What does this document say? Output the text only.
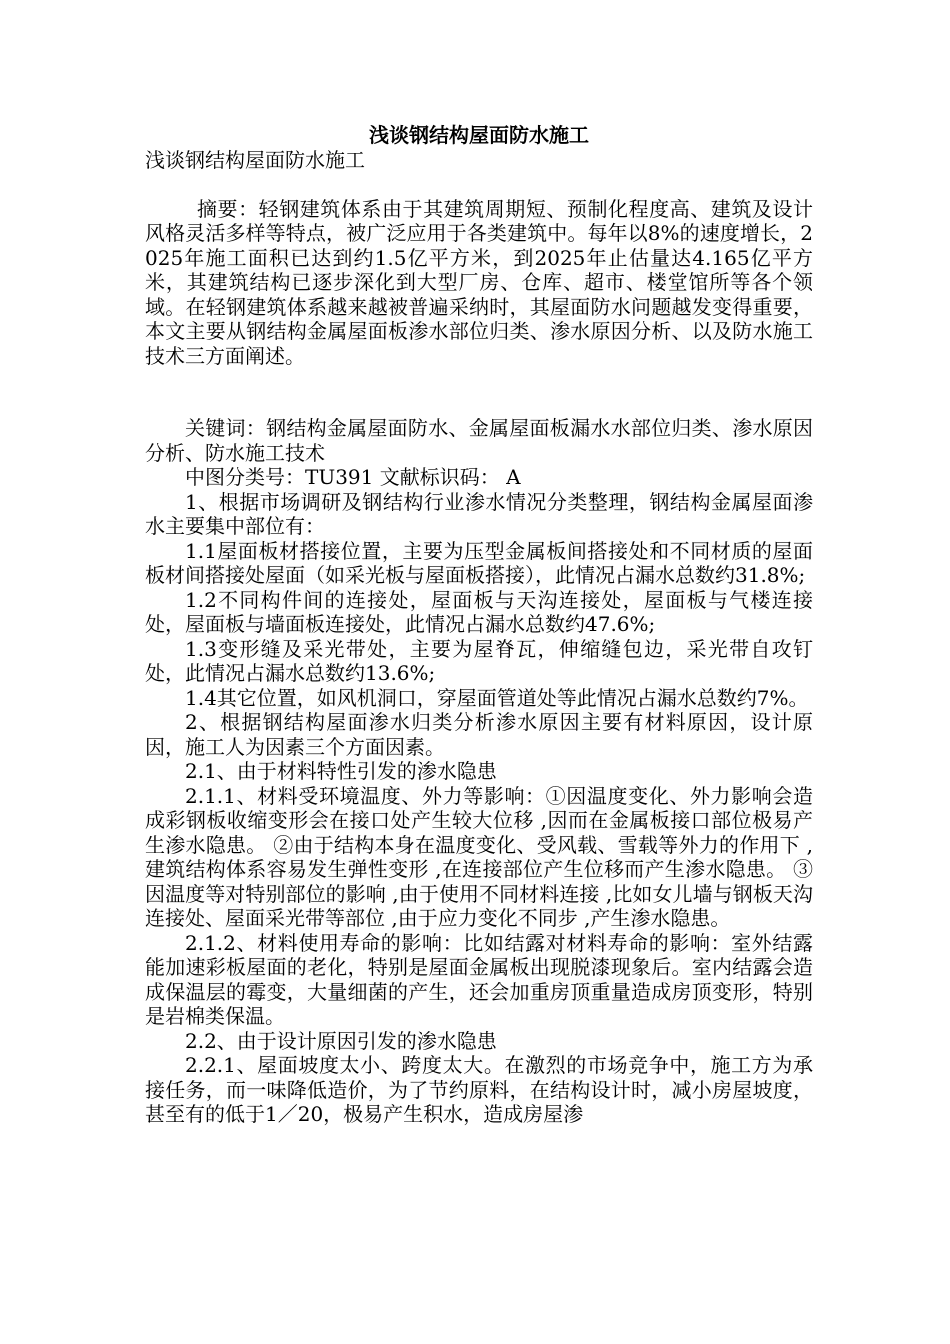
浅谈钢结构屋面防水施工

浅谈钢结构屋面防水施工

摘要：轻钢建筑体系由于其建筑周期短、预制化程度高、建筑及设计风格灵活多样等特点，被广泛应用于各类建筑中。每年以8%的速度增长，2025年施工面积已达到约1.5亿平方米，到2025年止估量达4.165亿平方米，其建筑结构已逐步深化到大型厂房、仓库、超市、楼堂馆所等各个领域。在轻钢建筑体系越来越被普遍采纳时，其屋面防水问题越发变得重要，本文主要从钢结构金属屋面板渗水部位归类、渗水原因分析、以及防水施工技术三方面阐述。

关键词：钢结构金属屋面防水、金属屋面板漏水水部位归类、渗水原因分析、防水施工技术

中图分类号：TU391 文献标识码： A

1、根据市场调研及钢结构行业渗水情况分类整理，钢结构金属屋面渗水主要集中部位有：

1.1屋面板材搭接位置，主要为压型金属板间搭接处和不同材质的屋面板材间搭接处屋面（如采光板与屋面板搭接），此情况占漏水总数约31.8%;

1.2不同构件间的连接处，屋面板与天沟连接处，屋面板与气楼连接处，屋面板与墙面板连接处，此情况占漏水总数约47.6%;

1.3变形缝及采光带处，主要为屋脊瓦，伸缩缝包边，采光带自攻钉处，此情况占漏水总数约13.6%;

1.4其它位置，如风机洞口，穿屋面管道处等此情况占漏水总数约7%。

2、根据钢结构屋面渗水归类分析渗水原因主要有材料原因，设计原因，施工人为因素三个方面因素。

2.1、由于材料特性引发的渗水隐患

2.1.1、材料受环境温度、外力等影响：①因温度变化、外力影响会造成彩钢板收缩变形会在接口处产生较大位移 ,因而在金属板接口部位极易产生渗水隐患。 ②由于结构本身在温度变化、受风载、雪载等外力的作用下 ,建筑结构体系容易发生弹性变形 ,在连接部位产生位移而产生渗水隐患。 ③因温度等对特别部位的影响 ,由于使用不同材料连接 ,比如女儿墙与钢板天沟连接处、屋面采光带等部位 ,由于应力变化不同步 ,产生渗水隐患。

2.1.2、材料使用寿命的影响：比如结露对材料寿命的影响：室外结露能加速彩板屋面的老化，特别是屋面金属板出现脱漆现象后。室内结露会造成保温层的霉变，大量细菌的产生，还会加重房顶重量造成房顶变形，特别是岩棉类保温。

2.2、由于设计原因引发的渗水隐患

2.2.1、屋面坡度太小、跨度太大。在激烈的市场竞争中，施工方为承接任务，而一味降低造价，为了节约原料，在结构设计时，减小房屋坡度，甚至有的低于1／20，极易产生积水，造成房屋渗
